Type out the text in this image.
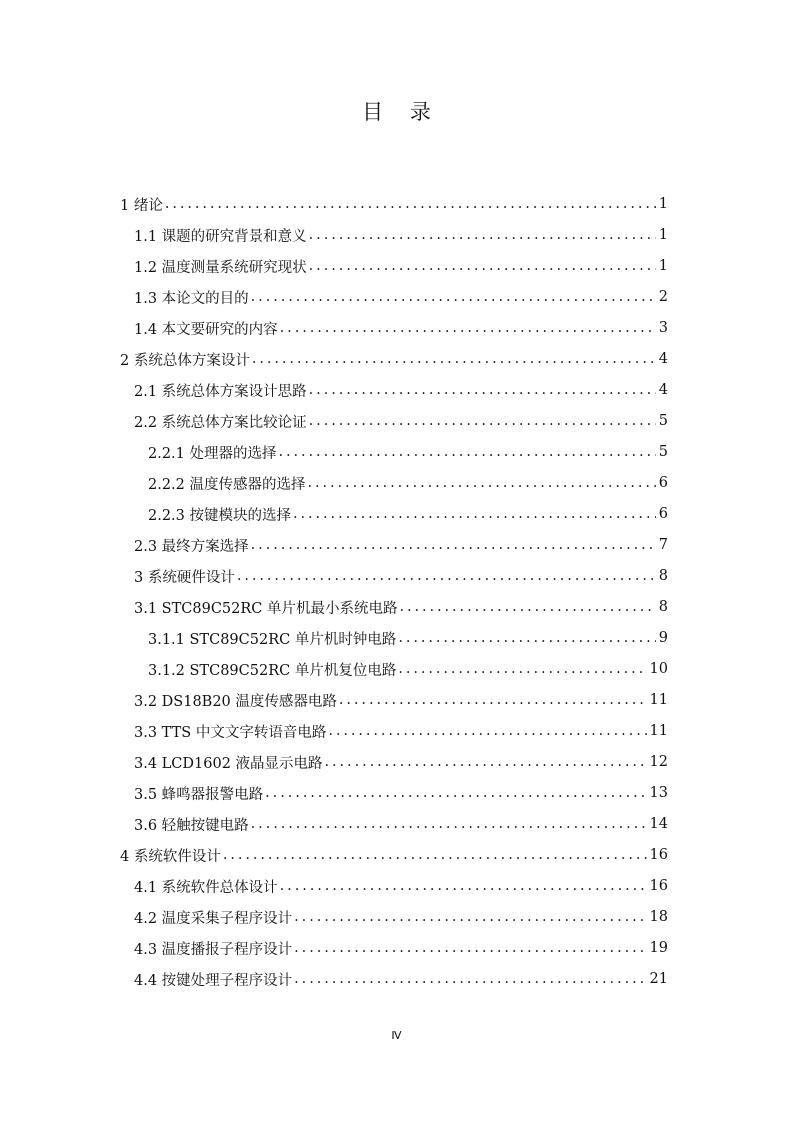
目 录
1 绪论 .....	1
1.1 课题的研究背景和意义 .....	1
1.2 温度测量系统研究现状 .....	1
1.3 本论文的目的 .....	2
1.4 本文要研究的内容 .....	3
2 系统总体方案设计 .....	4
2.1 系统总体方案设计思路 .....	4
2.2 系统总体方案比较论证 .....	5
2.2.1 处理器的选择 .....	5
2.2.2 温度传感器的选择 .....	6
2.2.3 按键模块的选择 .....	6
2.3 最终方案选择 .....	7
3 系统硬件设计 .....	8
3.1 STC89C52RC 单片机最小系统电路 .....	8
3.1.1 STC89C52RC 单片机时钟电路 .....	9
3.1.2 STC89C52RC 单片机复位电路 .....	10
3.2 DS18B20 温度传感器电路 .....	11
3.3 TTS 中文文字转语音电路 .....	11
3.4 LCD1602 液晶显示电路 .....	12
3.5 蜂鸣器报警电路 .....	13
3.6 轻触按键电路 .....	14
4 系统软件设计 .....	16
4.1 系统软件总体设计 .....	16
4.2 温度采集子程序设计 .....	18
4.3 温度播报子程序设计 .....	19
4.4 按键处理子程序设计 .....	21
Ⅳ
